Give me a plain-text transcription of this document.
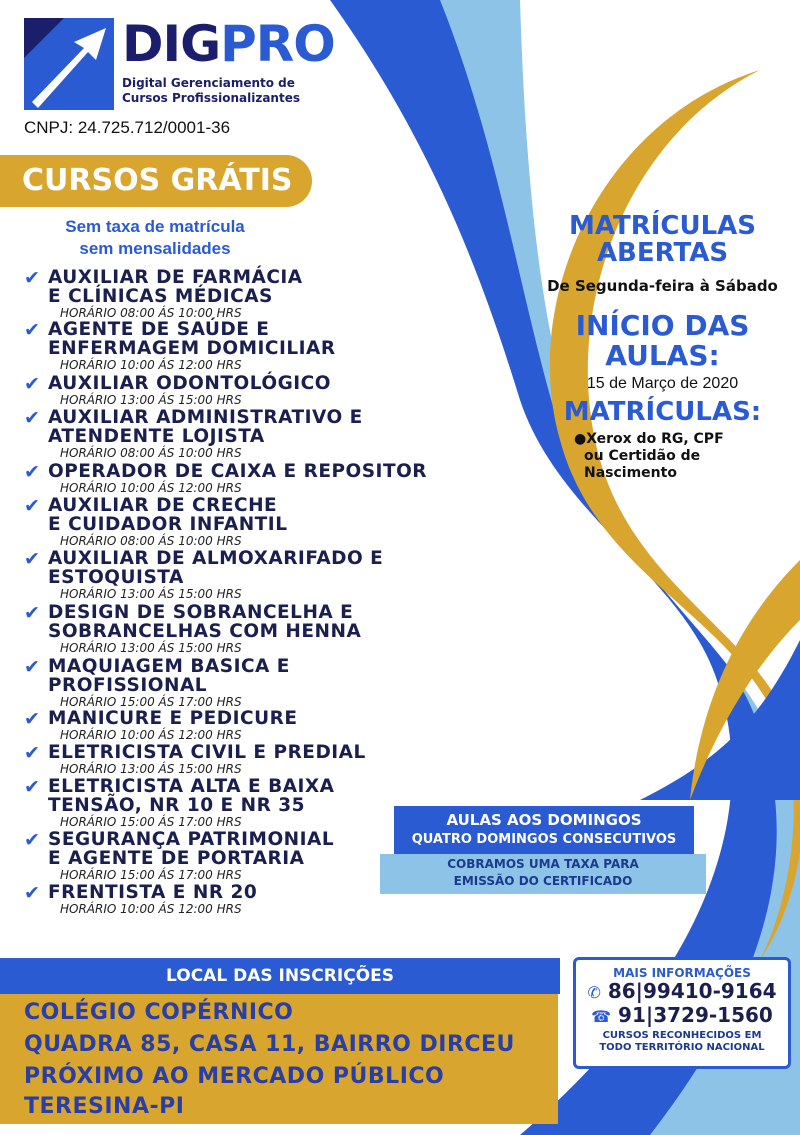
DIGPRO
Digital Gerenciamento de
Cursos Profissionalizantes
CNPJ: 24.725.712/0001-36
CURSOS GRÁTIS
Sem taxa de matrícula
sem mensalidades
✔ AUXILIAR DE FARMÁCIA
E CLÍNICAS MÉDICAS
HORÁRIO 08:00 ÁS 10:00 HRS
✔ AGENTE DE SAÚDE E
ENFERMAGEM DOMICILIAR
HORÁRIO 10:00 ÁS 12:00 HRS
✔ AUXILIAR ODONTOLÓGICO
HORÁRIO 13:00 ÁS 15:00 HRS
✔ AUXILIAR ADMINISTRATIVO E
ATENDENTE LOJISTA
HORÁRIO 08:00 ÁS 10:00 HRS
✔ OPERADOR DE CAIXA E REPOSITOR
HORÁRIO 10:00 ÁS 12:00 HRS
✔ AUXILIAR DE CRECHE
E CUIDADOR INFANTIL
HORÁRIO 08:00 ÁS 10:00 HRS
✔ AUXILIAR DE ALMOXARIFADO E
ESTOQUISTA
HORÁRIO 13:00 ÁS 15:00 HRS
✔ DESIGN DE SOBRANCELHA E
SOBRANCELHAS COM HENNA
HORÁRIO 13:00 ÁS 15:00 HRS
✔ MAQUIAGEM BASICA E PROFISSIONAL
HORÁRIO 15:00 ÁS 17:00 HRS
✔ MANICURE E PEDICURE
HORÁRIO 10:00 ÁS 12:00 HRS
✔ ELETRICISTA CIVIL E PREDIAL
HORÁRIO 13:00 ÁS 15:00 HRS
✔ ELETRICISTA ALTA E BAIXA
TENSÃO, NR 10 E NR 35
HORÁRIO 15:00 ÁS 17:00 HRS
✔ SEGURANÇA PATRIMONIAL
E AGENTE DE PORTARIA
HORÁRIO 15:00 ÁS 17:00 HRS
✔ FRENTISTA E NR 20
HORÁRIO 10:00 ÁS 12:00 HRS
MATRÍCULAS
ABERTAS
De Segunda-feira à Sábado
INÍCIO DAS
AULAS:
15 de Março de 2020
MATRÍCULAS:
●Xerox do RG, CPF
ou Certidão de
Nascimento
AULAS AOS DOMINGOS
QUATRO DOMINGOS CONSECUTIVOS
COBRAMOS UMA TAXA PARA
EMISSÃO DO CERTIFICADO
LOCAL DAS INSCRIÇÕES
COLÉGIO COPÉRNICO
QUADRA 85, CASA 11, BAIRRO DIRCEU
PRÓXIMO AO MERCADO PÚBLICO
TERESINA-PI
MAIS INFORMAÇÕES
✆ 86|99410-9164
☎ 91|3729-1560
CURSOS RECONHECIDOS EM
TODO TERRITÓRIO NACIONAL
